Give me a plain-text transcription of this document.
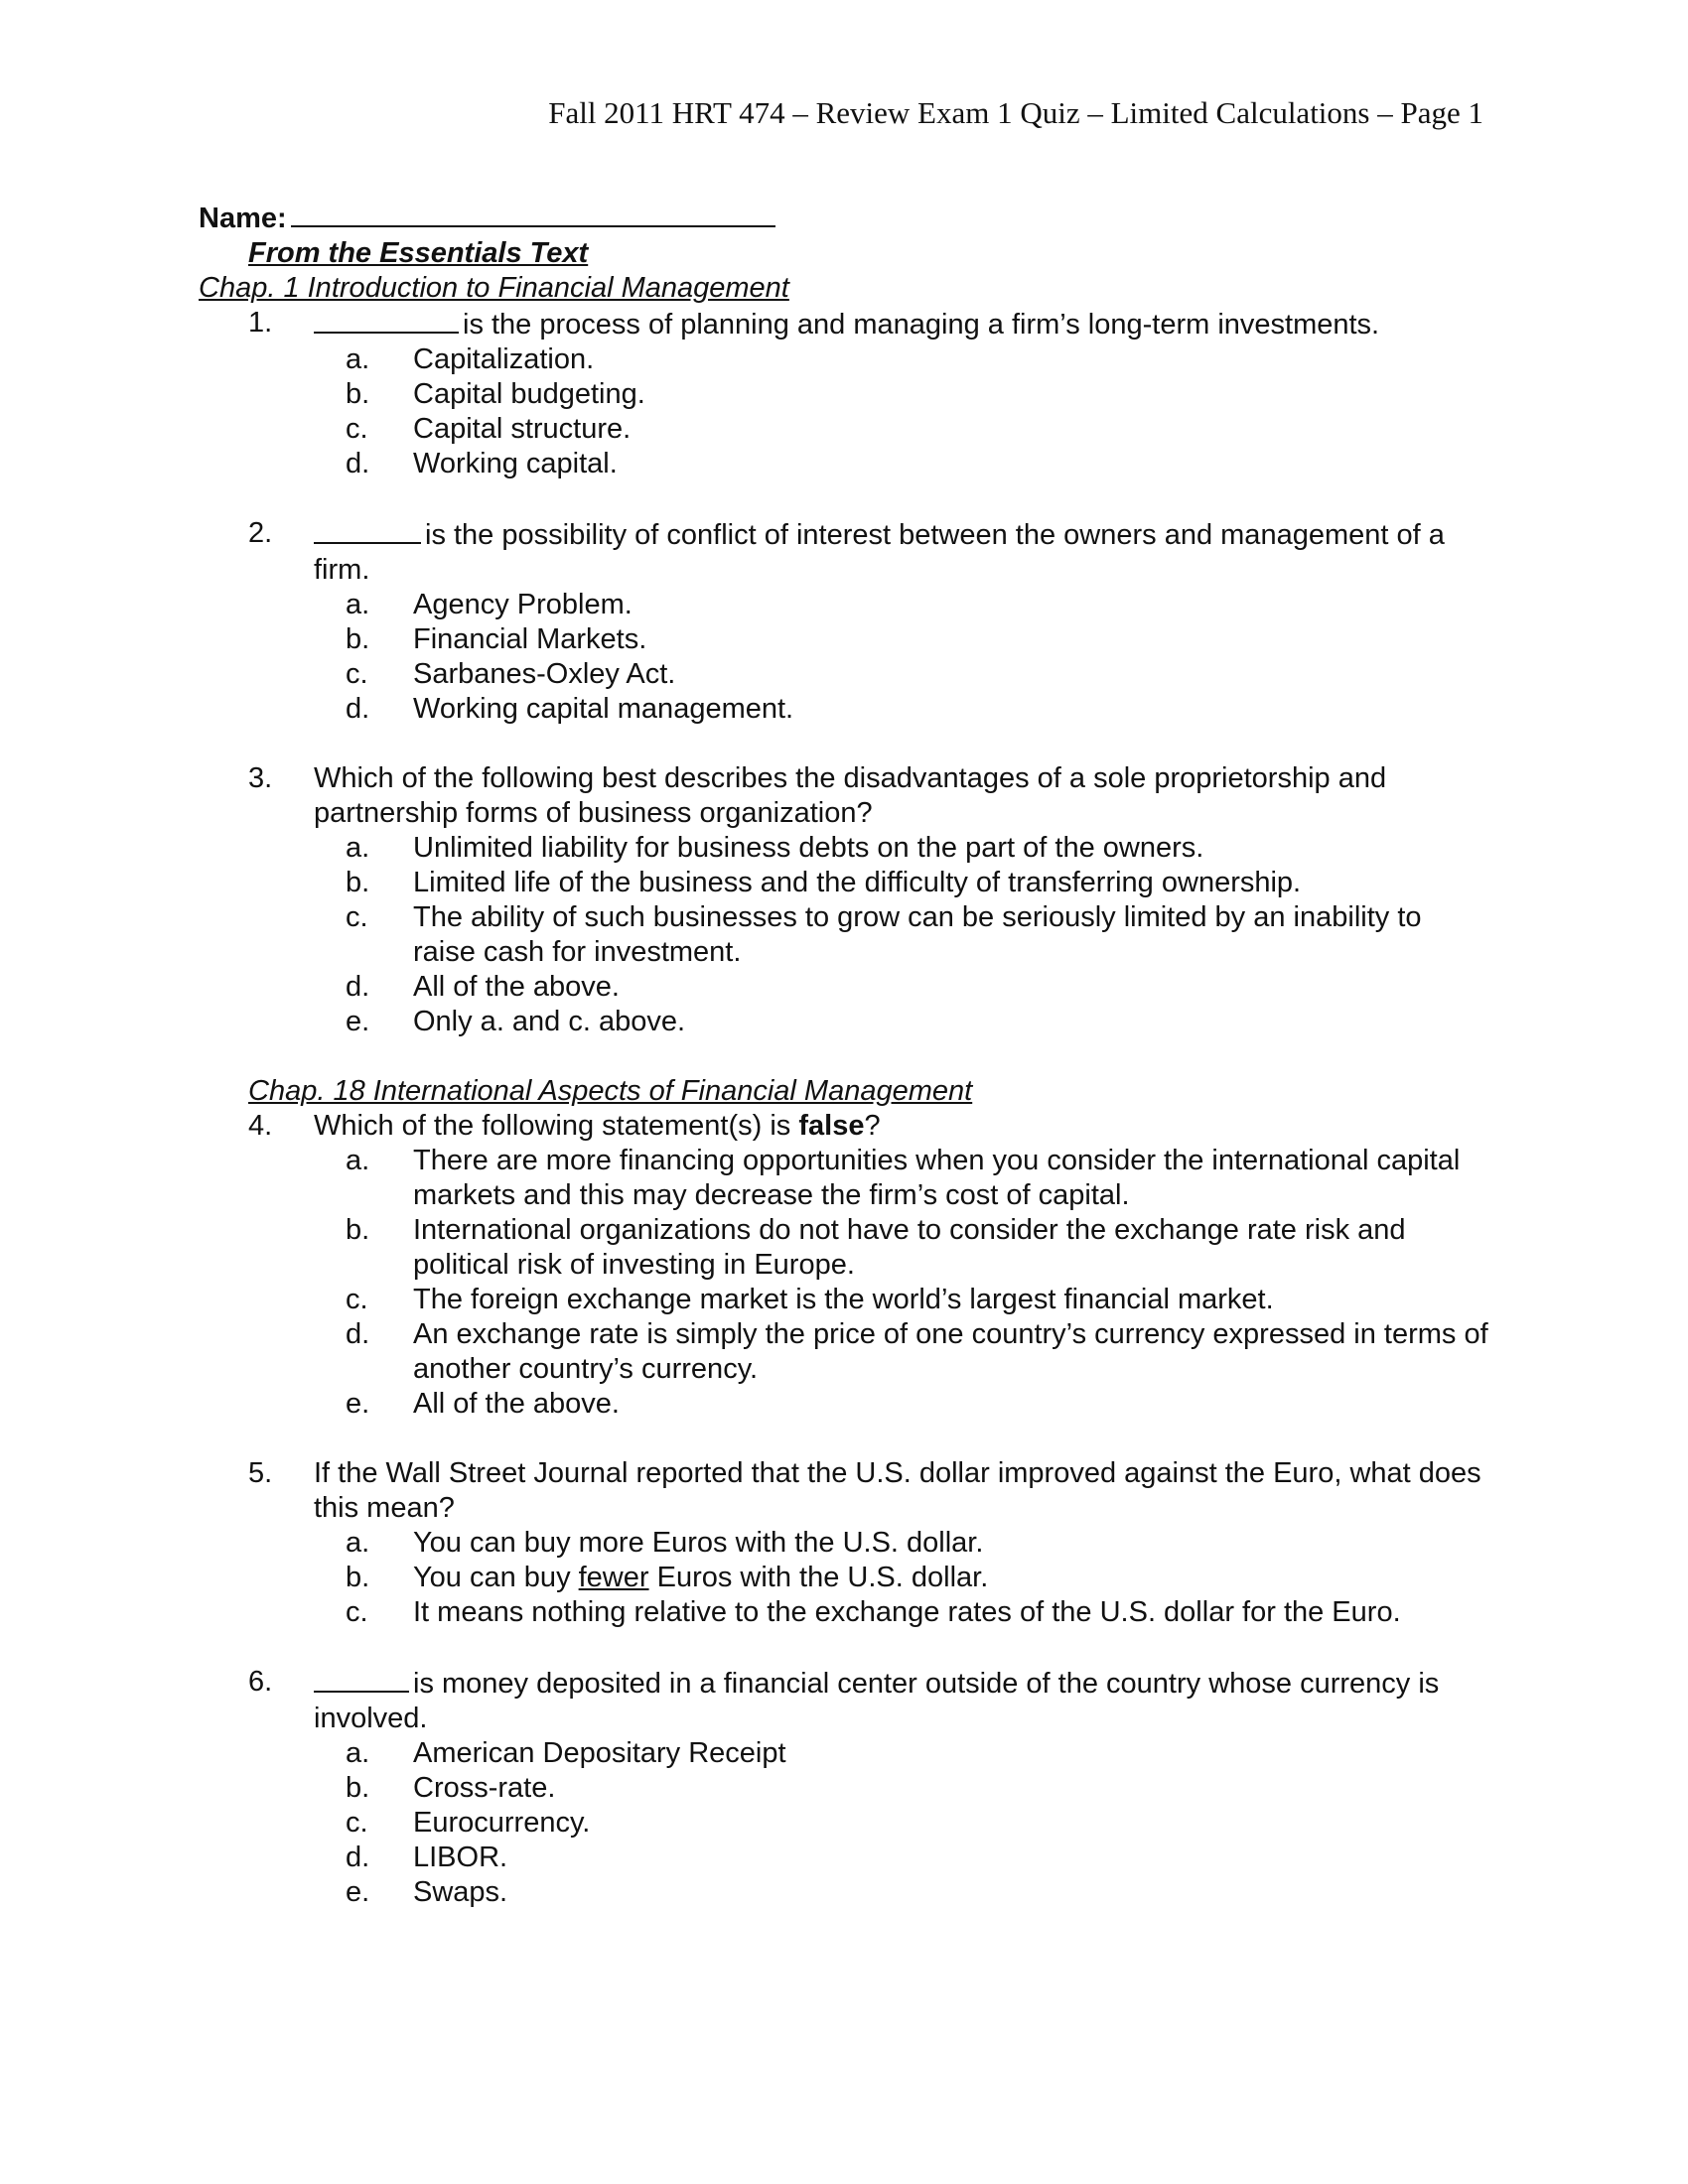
Fall 2011 HRT 474 – Review Exam 1 Quiz – Limited Calculations – Page 1
Name:
From the Essentials Text
Chap. 1 Introduction to Financial Management
1.	is the process of planning and managing a firm’s long-term investments.
a. Capitalization.
b. Capital budgeting.
c. Capital structure.
d. Working capital.
2.	is the possibility of conflict of interest between the owners and management of a firm.
a. Agency Problem.
b. Financial Markets.
c. Sarbanes-Oxley Act.
d. Working capital management.
3. Which of the following best describes the disadvantages of a sole proprietorship and partnership forms of business organization?
a. Unlimited liability for business debts on the part of the owners.
b. Limited life of the business and the difficulty of transferring ownership.
c. The ability of such businesses to grow can be seriously limited by an inability to raise cash for investment.
d. All of the above.
e. Only a. and c. above.
Chap. 18 International Aspects of Financial Management
4. Which of the following statement(s) is false?
a. There are more financing opportunities when you consider the international capital markets and this may decrease the firm’s cost of capital.
b. International organizations do not have to consider the exchange rate risk and political risk of investing in Europe.
c. The foreign exchange market is the world’s largest financial market.
d. An exchange rate is simply the price of one country’s currency expressed in terms of another country’s currency.
e. All of the above.
5. If the Wall Street Journal reported that the U.S. dollar improved against the Euro, what does this mean?
a. You can buy more Euros with the U.S. dollar.
b. You can buy fewer Euros with the U.S. dollar.
c. It means nothing relative to the exchange rates of the U.S. dollar for the Euro.
6.	is money deposited in a financial center outside of the country whose currency is involved.
a. American Depositary Receipt
b. Cross-rate.
c. Eurocurrency.
d. LIBOR.
e. Swaps.
